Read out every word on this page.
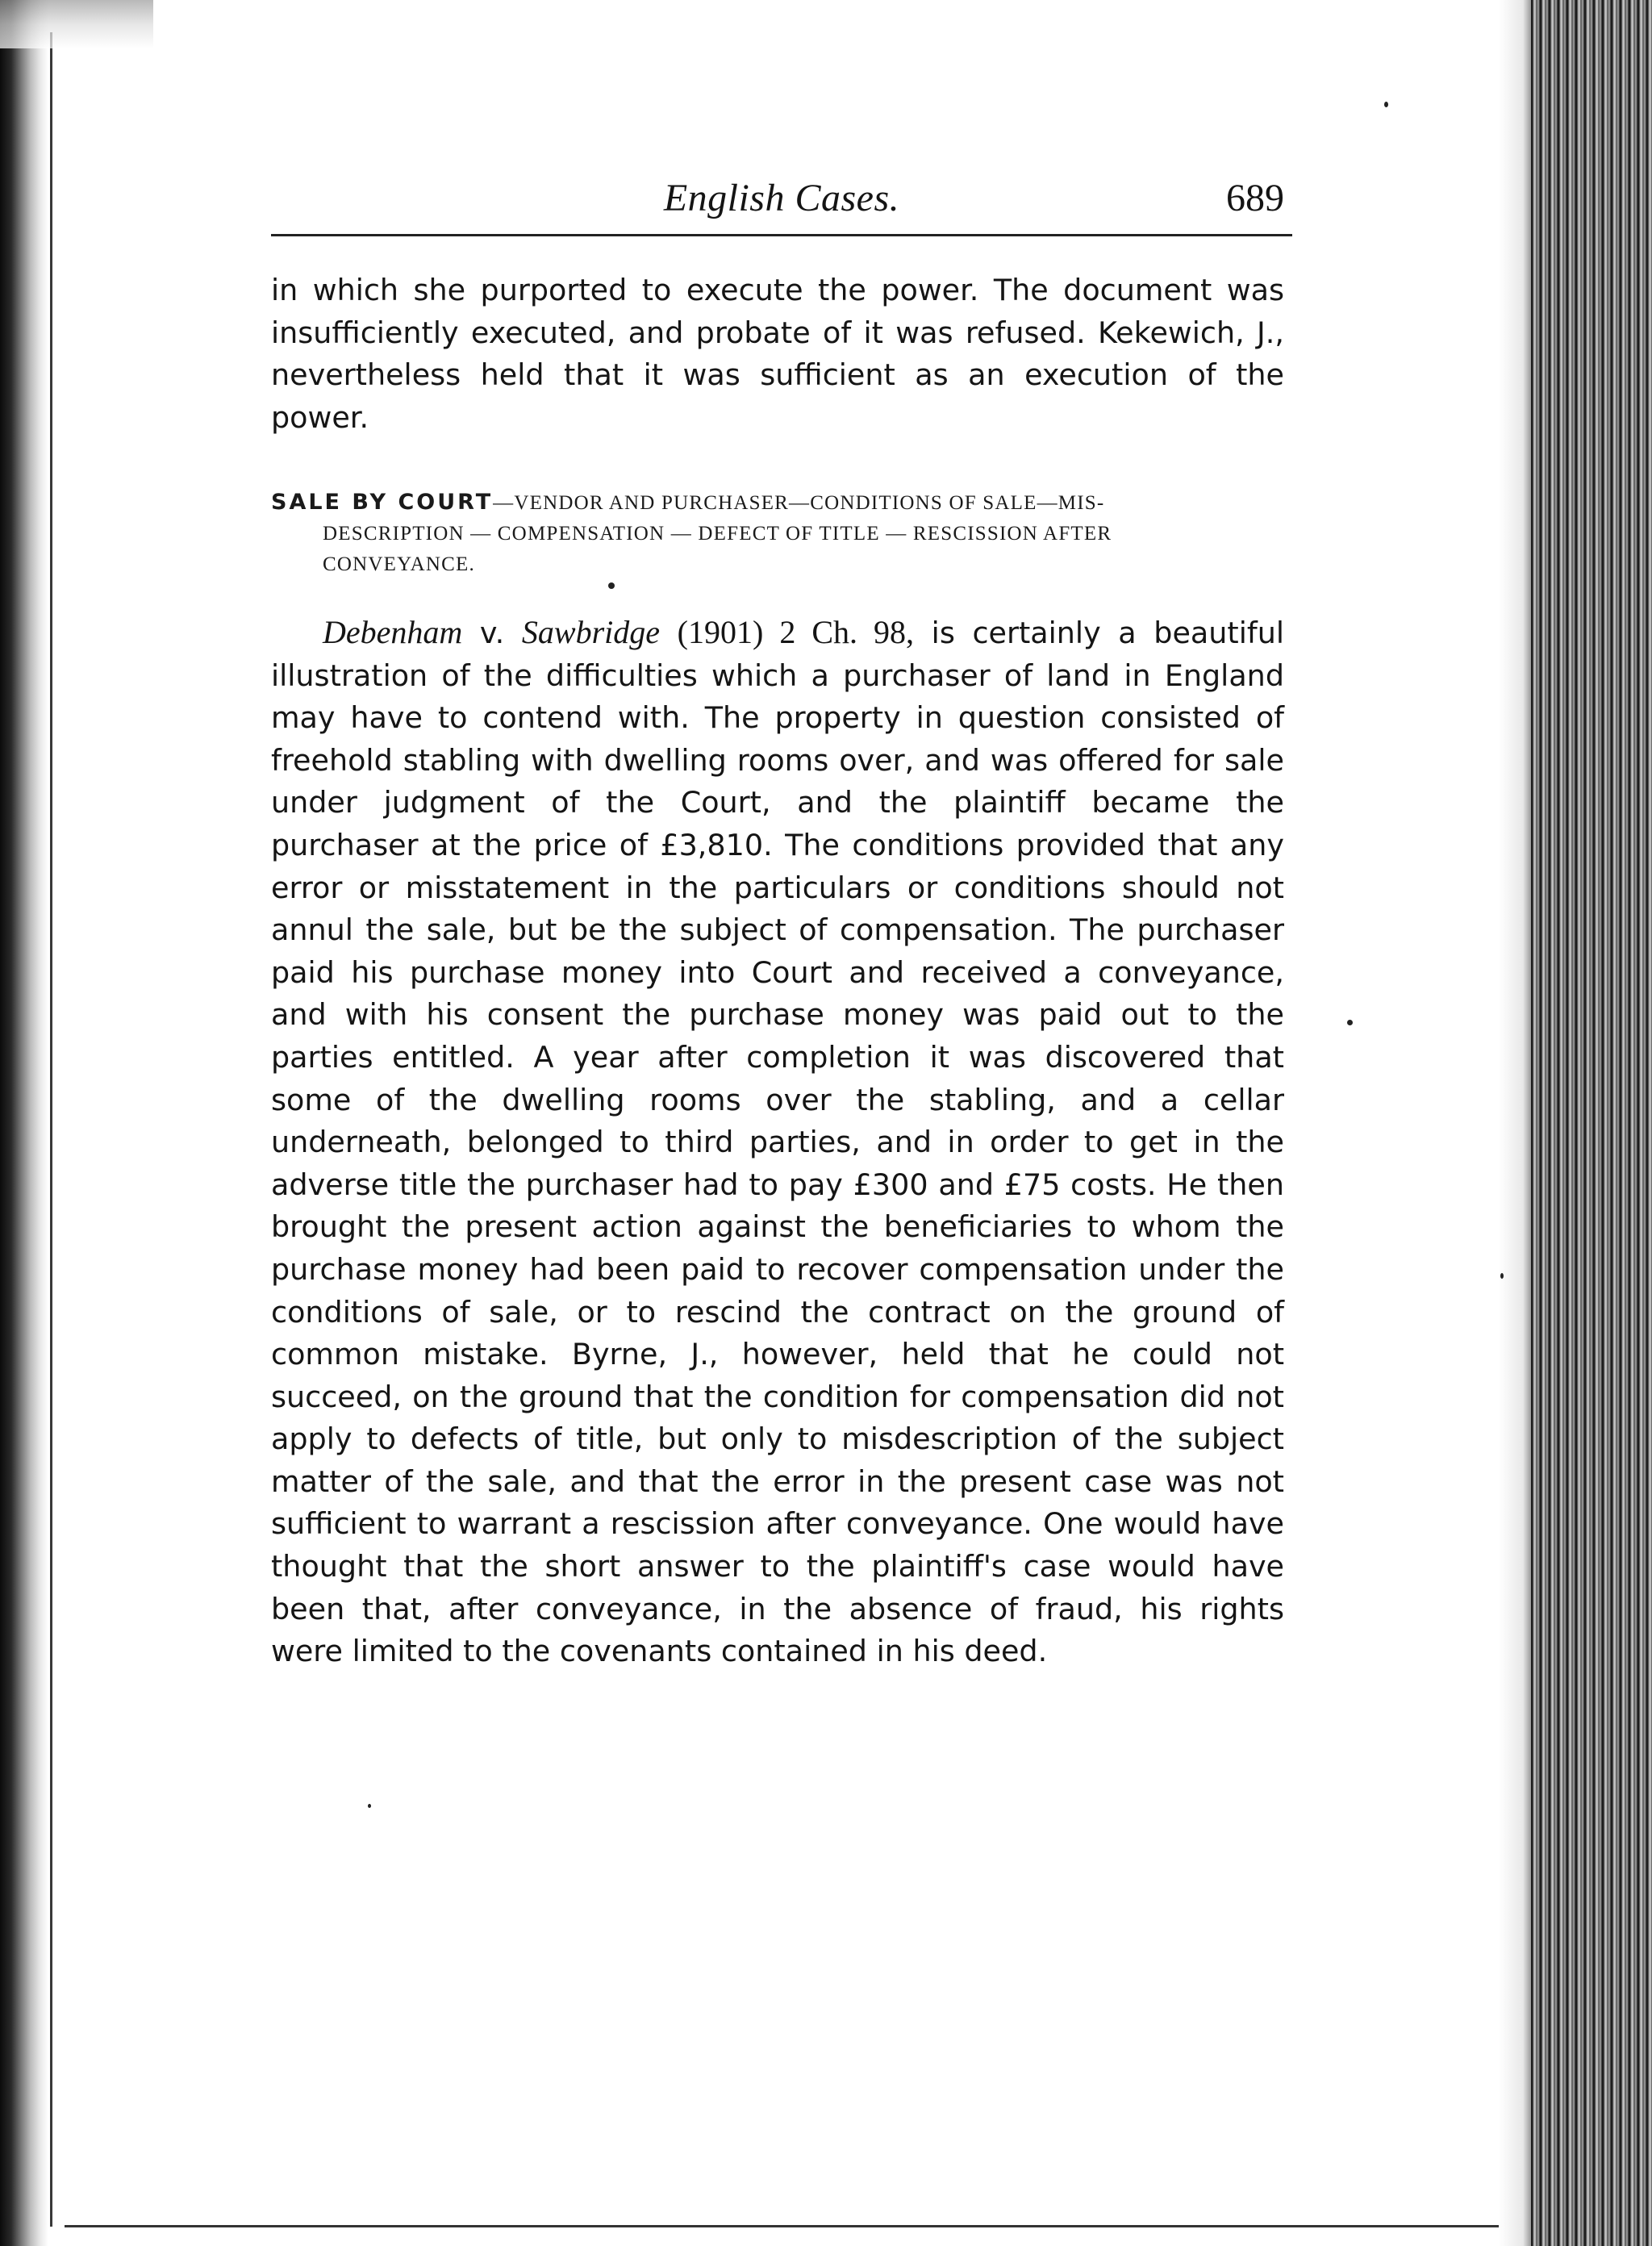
English Cases.	689

in which she purported to execute the power. The document was insufficiently executed, and probate of it was refused. Kekewich, J., nevertheless held that it was sufficient as an execution of the power.

SALE BY COURT—VENDOR AND PURCHASER—CONDITIONS OF SALE—MIS-
DESCRIPTION — COMPENSATION — DEFECT OF TITLE — RESCISSION AFTER
CONVEYANCE.

Debenham v. Sawbridge (1901) 2 Ch. 98, is certainly a beautiful illustration of the difficulties which a purchaser of land in England may have to contend with. The property in question consisted of freehold stabling with dwelling rooms over, and was offered for sale under judgment of the Court, and the plaintiff became the purchaser at the price of £3,810. The conditions provided that any error or misstatement in the particulars or conditions should not annul the sale, but be the subject of compensation. The purchaser paid his purchase money into Court and received a conveyance, and with his consent the purchase money was paid out to the parties entitled. A year after completion it was discovered that some of the dwelling rooms over the stabling, and a cellar underneath, belonged to third parties, and in order to get in the adverse title the purchaser had to pay £300 and £75 costs. He then brought the present action against the beneficiaries to whom the purchase money had been paid to recover compensation under the conditions of sale, or to rescind the contract on the ground of common mistake. Byrne, J., however, held that he could not succeed, on the ground that the condition for compensation did not apply to defects of title, but only to misdescription of the subject matter of the sale, and that the error in the present case was not sufficient to warrant a rescission after conveyance. One would have thought that the short answer to the plaintiff's case would have been that, after conveyance, in the absence of fraud, his rights were limited to the covenants contained in his deed.
